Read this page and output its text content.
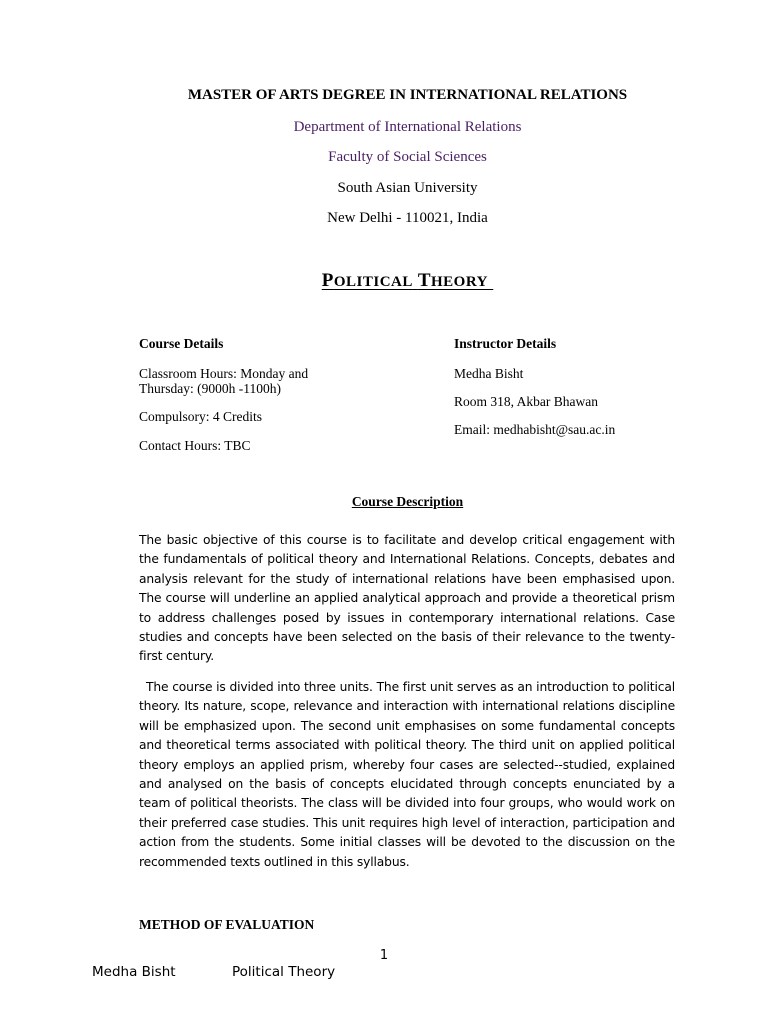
MASTER OF ARTS DEGREE IN INTERNATIONAL RELATIONS
Department of International Relations
Faculty of Social Sciences
South Asian University
New Delhi - 110021, India
POLITICAL THEORY
Course Details
Classroom Hours: Monday and
Thursday: (9000h -1100h)
Compulsory: 4 Credits
Contact Hours: TBC
Instructor Details
Medha Bisht
Room 318, Akbar Bhawan
Email: medhabisht@sau.ac.in
Course Description
The basic objective of this course is to facilitate and develop critical engagement with the fundamentals of political theory and International Relations. Concepts, debates and analysis relevant for the study of international relations have been emphasised upon. The course will underline an applied analytical approach and provide a theoretical prism to address challenges posed by issues in contemporary international relations. Case studies and concepts have been selected on the basis of their relevance to the twenty-first century.
The course is divided into three units. The first unit serves as an introduction to political theory. Its nature, scope, relevance and interaction with international relations discipline will be emphasized upon. The second unit emphasises on some fundamental concepts and theoretical terms associated with political theory. The third unit on applied political theory employs an applied prism, whereby four cases are selected--studied, explained and analysed on the basis of concepts elucidated through concepts enunciated by a team of political theorists. The class will be divided into four groups, who would work on their preferred case studies. This unit requires high level of interaction, participation and action from the students. Some initial classes will be devoted to the discussion on the recommended texts outlined in this syllabus.
METHOD OF EVALUATION
1
Medha Bisht	Political Theory
